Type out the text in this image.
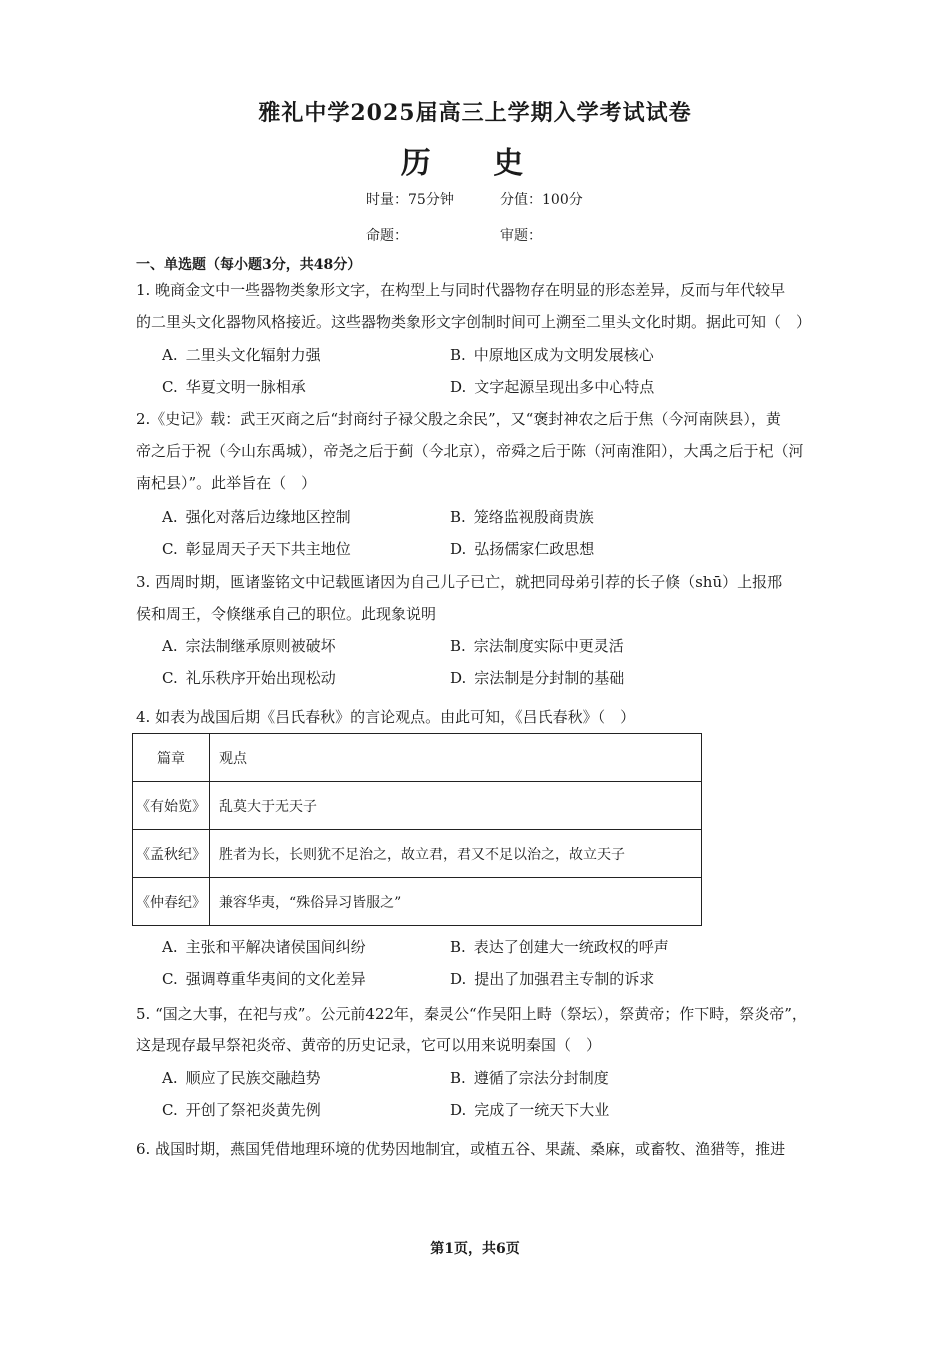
雅礼中学2025届高三上学期入学考试试卷
历 史
时量：75分钟	分值：100分
命题：	审题：
一、单选题（每小题3分，共48分）
1. 晚商金文中一些器物类象形文字，在构型上与同时代器物存在明显的形态差异，反而与年代较早
的二里头文化器物风格接近。这些器物类象形文字创制时间可上溯至二里头文化时期。据此可知（　）
A. 二里头文化辐射力强	B. 中原地区成为文明发展核心
C. 华夏文明一脉相承	D. 文字起源呈现出多中心特点
2.《史记》载：武王灭商之后“封商纣子禄父殷之余民”，又“褒封神农之后于焦（今河南陕县），黄
帝之后于祝（今山东禹城），帝尧之后于蓟（今北京），帝舜之后于陈（河南淮阳），大禹之后于杞（河
南杞县）”。此举旨在（　）
A. 强化对落后边缘地区控制	B. 笼络监视殷商贵族
C. 彰显周天子天下共主地位	D. 弘扬儒家仁政思想
3. 西周时期，匜诸鉴铭文中记载匜诸因为自己儿子已亡，就把同母弟引荐的长子倏（shū）上报邢
侯和周王，令倏继承自己的职位。此现象说明
A. 宗法制继承原则被破坏	B. 宗法制度实际中更灵活
C. 礼乐秩序开始出现松动	D. 宗法制是分封制的基础
4. 如表为战国后期《吕氏春秋》的言论观点。由此可知，《吕氏春秋》（　）
篇章	观点
《有始览》	乱莫大于无天子
《孟秋纪》	胜者为长，长则犹不足治之，故立君，君又不足以治之，故立天子
《仲春纪》	兼容华夷，“殊俗异习皆服之”
A. 主张和平解决诸侯国间纠纷	B. 表达了创建大一统政权的呼声
C. 强调尊重华夷间的文化差异	D. 提出了加强君主专制的诉求
5. “国之大事，在祀与戎”。公元前422年，秦灵公“作吴阳上畤（祭坛），祭黄帝；作下畤，祭炎帝”，
这是现存最早祭祀炎帝、黄帝的历史记录，它可以用来说明秦国（　）
A. 顺应了民族交融趋势	B. 遵循了宗法分封制度
C. 开创了祭祀炎黄先例	D. 完成了一统天下大业
6. 战国时期，燕国凭借地理环境的优势因地制宜，或植五谷、果蔬、桑麻，或畜牧、渔猎等，推进
第1页，共6页
